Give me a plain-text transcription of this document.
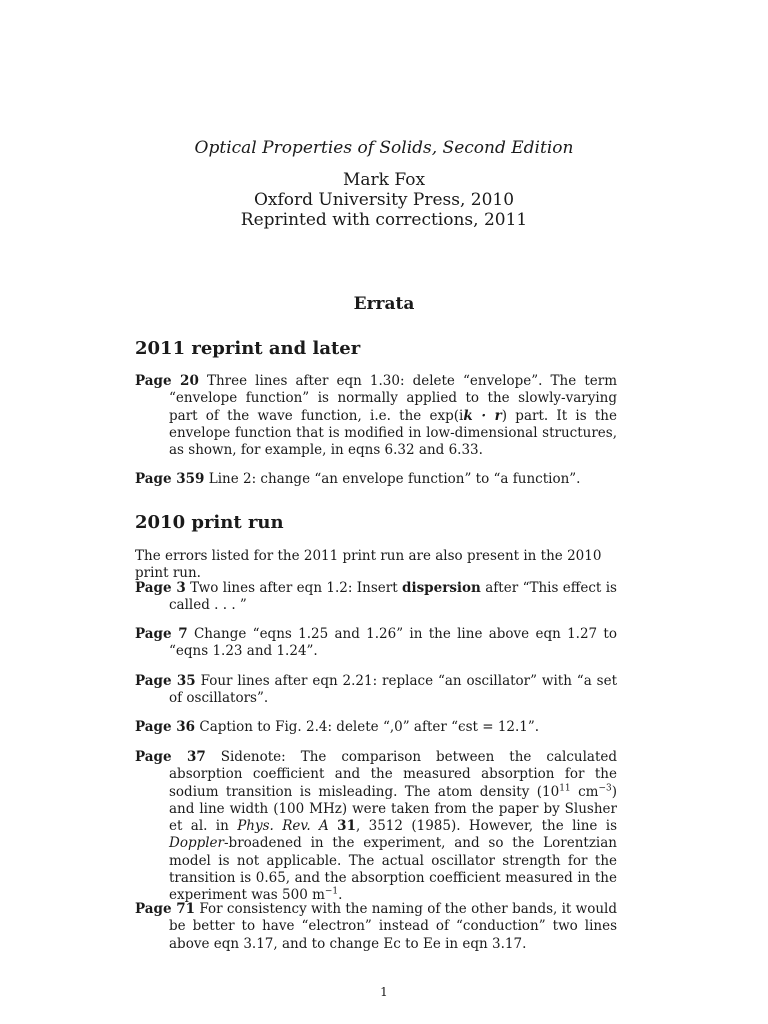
Optical Properties of Solids, Second Edition
Mark Fox
Oxford University Press, 2010
Reprinted with corrections, 2011
Errata
2011 reprint and later
Page 20 Three lines after eqn 1.30: delete “envelope”. The term “envelope function” is normally applied to the slowly-varying part of the wave function, i.e. the exp(ik · r) part. It is the envelope function that is modified in low-dimensional structures, as shown, for example, in eqns 6.32 and 6.33.
Page 359 Line 2: change “an envelope function” to “a function”.
2010 print run
The errors listed for the 2011 print run are also present in the 2010 print run.
Page 3 Two lines after eqn 1.2: Insert dispersion after “This effect is called . . . ”
Page 7 Change “eqns 1.25 and 1.26” in the line above eqn 1.27 to “eqns 1.23 and 1.24”.
Page 35 Four lines after eqn 2.21: replace “an oscillator” with “a set of oscillators”.
Page 36 Caption to Fig. 2.4: delete “,0” after “ϵst = 12.1”.
Page 37 Sidenote: The comparison between the calculated absorption coefficient and the measured absorption for the sodium transition is misleading. The atom density ($10^{11}$ $cm^{-3}$) and line width (100 MHz) were taken from the paper by Slusher et al. in Phys. Rev. A 31, 3512 (1985). However, the line is Doppler-broadened in the experiment, and so the Lorentzian model is not applicable. The actual oscillator strength for the transition is 0.65, and the absorption coefficient measured in the experiment was 500 $m^{-1}$.
Page 71 For consistency with the naming of the other bands, it would be better to have “electron” instead of “conduction” two lines above eqn 3.17, and to change Ec to Ee in eqn 3.17.
1
